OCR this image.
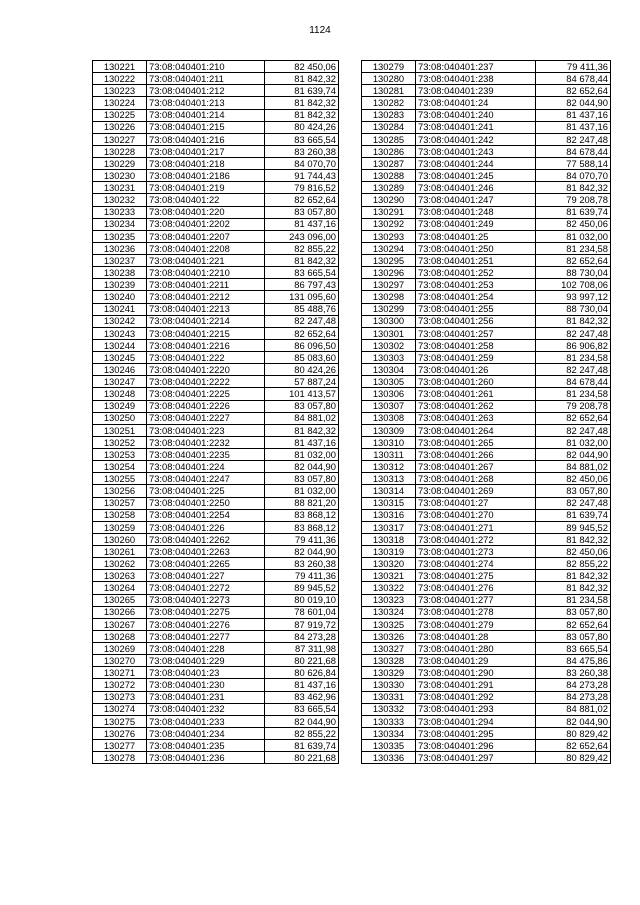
1124
130221	73:08:040401:210	82 450,06
130222	73:08:040401:211	81 842,32
130223	73:08:040401:212	81 639,74
130224	73:08:040401:213	81 842,32
130225	73:08:040401:214	81 842,32
130226	73:08:040401:215	80 424,26
130227	73:08:040401:216	83 665,54
130228	73:08:040401:217	83 260,38
130229	73:08:040401:218	84 070,70
130230	73:08:040401:2186	91 744,43
130231	73:08:040401:219	79 816,52
130232	73:08:040401:22	82 652,64
130233	73:08:040401:220	83 057,80
130234	73:08:040401:2202	81 437,16
130235	73:08:040401:2207	243 096,00
130236	73:08:040401:2208	82 855,22
130237	73:08:040401:221	81 842,32
130238	73:08:040401:2210	83 665,54
130239	73:08:040401:2211	86 797,43
130240	73:08:040401:2212	131 095,60
130241	73:08:040401:2213	85 488,76
130242	73:08:040401:2214	82 247,48
130243	73:08:040401:2215	82 652,64
130244	73:08:040401:2216	86 096,50
130245	73:08:040401:222	85 083,60
130246	73:08:040401:2220	80 424,26
130247	73:08:040401:2222	57 887,24
130248	73:08:040401:2225	101 413,57
130249	73:08:040401:2226	83 057,80
130250	73:08:040401:2227	84 881,02
130251	73:08:040401:223	81 842,32
130252	73:08:040401:2232	81 437,16
130253	73:08:040401:2235	81 032,00
130254	73:08:040401:224	82 044,90
130255	73:08:040401:2247	83 057,80
130256	73:08:040401:225	81 032,00
130257	73:08:040401:2250	88 821,20
130258	73:08:040401:2254	83 868,12
130259	73:08:040401:226	83 868,12
130260	73:08:040401:2262	79 411,36
130261	73:08:040401:2263	82 044,90
130262	73:08:040401:2265	83 260,38
130263	73:08:040401:227	79 411,36
130264	73:08:040401:2272	89 945,52
130265	73:08:040401:2273	80 019,10
130266	73:08:040401:2275	78 601,04
130267	73:08:040401:2276	87 919,72
130268	73:08:040401:2277	84 273,28
130269	73:08:040401:228	87 311,98
130270	73:08:040401:229	80 221,68
130271	73:08:040401:23	80 626,84
130272	73:08:040401:230	81 437,16
130273	73:08:040401:231	83 462,96
130274	73:08:040401:232	83 665,54
130275	73:08:040401:233	82 044,90
130276	73:08:040401:234	82 855,22
130277	73:08:040401:235	81 639,74
130278	73:08:040401:236	80 221,68
130279	73:08:040401:237	79 411,36
130280	73:08:040401:238	84 678,44
130281	73:08:040401:239	82 652,64
130282	73:08:040401:24	82 044,90
130283	73:08:040401:240	81 437,16
130284	73:08:040401:241	81 437,16
130285	73:08:040401:242	82 247,48
130286	73:08:040401:243	84 678,44
130287	73:08:040401:244	77 588,14
130288	73:08:040401:245	84 070,70
130289	73:08:040401:246	81 842,32
130290	73:08:040401:247	79 208,78
130291	73:08:040401:248	81 639,74
130292	73:08:040401:249	82 450,06
130293	73:08:040401:25	81 032,00
130294	73:08:040401:250	81 234,58
130295	73:08:040401:251	82 652,64
130296	73:08:040401:252	88 730,04
130297	73:08:040401:253	102 708,06
130298	73:08:040401:254	93 997,12
130299	73:08:040401:255	88 730,04
130300	73:08:040401:256	81 842,32
130301	73:08:040401:257	82 247,48
130302	73:08:040401:258	86 906,82
130303	73:08:040401:259	81 234,58
130304	73:08:040401:26	82 247,48
130305	73:08:040401:260	84 678,44
130306	73:08:040401:261	81 234,58
130307	73:08:040401:262	79 208,78
130308	73:08:040401:263	82 652,64
130309	73:08:040401:264	82 247,48
130310	73:08:040401:265	81 032,00
130311	73:08:040401:266	82 044,90
130312	73:08:040401:267	84 881,02
130313	73:08:040401:268	82 450,06
130314	73:08:040401:269	83 057,80
130315	73:08:040401:27	82 247,48
130316	73:08:040401:270	81 639,74
130317	73:08:040401:271	89 945,52
130318	73:08:040401:272	81 842,32
130319	73:08:040401:273	82 450,06
130320	73:08:040401:274	82 855,22
130321	73:08:040401:275	81 842,32
130322	73:08:040401:276	81 842,32
130323	73:08:040401:277	81 234,58
130324	73:08:040401:278	83 057,80
130325	73:08:040401:279	82 652,64
130326	73:08:040401:28	83 057,80
130327	73:08:040401:280	83 665,54
130328	73:08:040401:29	84 475,86
130329	73:08:040401:290	83 260,38
130330	73:08:040401:291	84 273,28
130331	73:08:040401:292	84 273,28
130332	73:08:040401:293	84 881,02
130333	73:08:040401:294	82 044,90
130334	73:08:040401:295	80 829,42
130335	73:08:040401:296	82 652,64
130336	73:08:040401:297	80 829,42
